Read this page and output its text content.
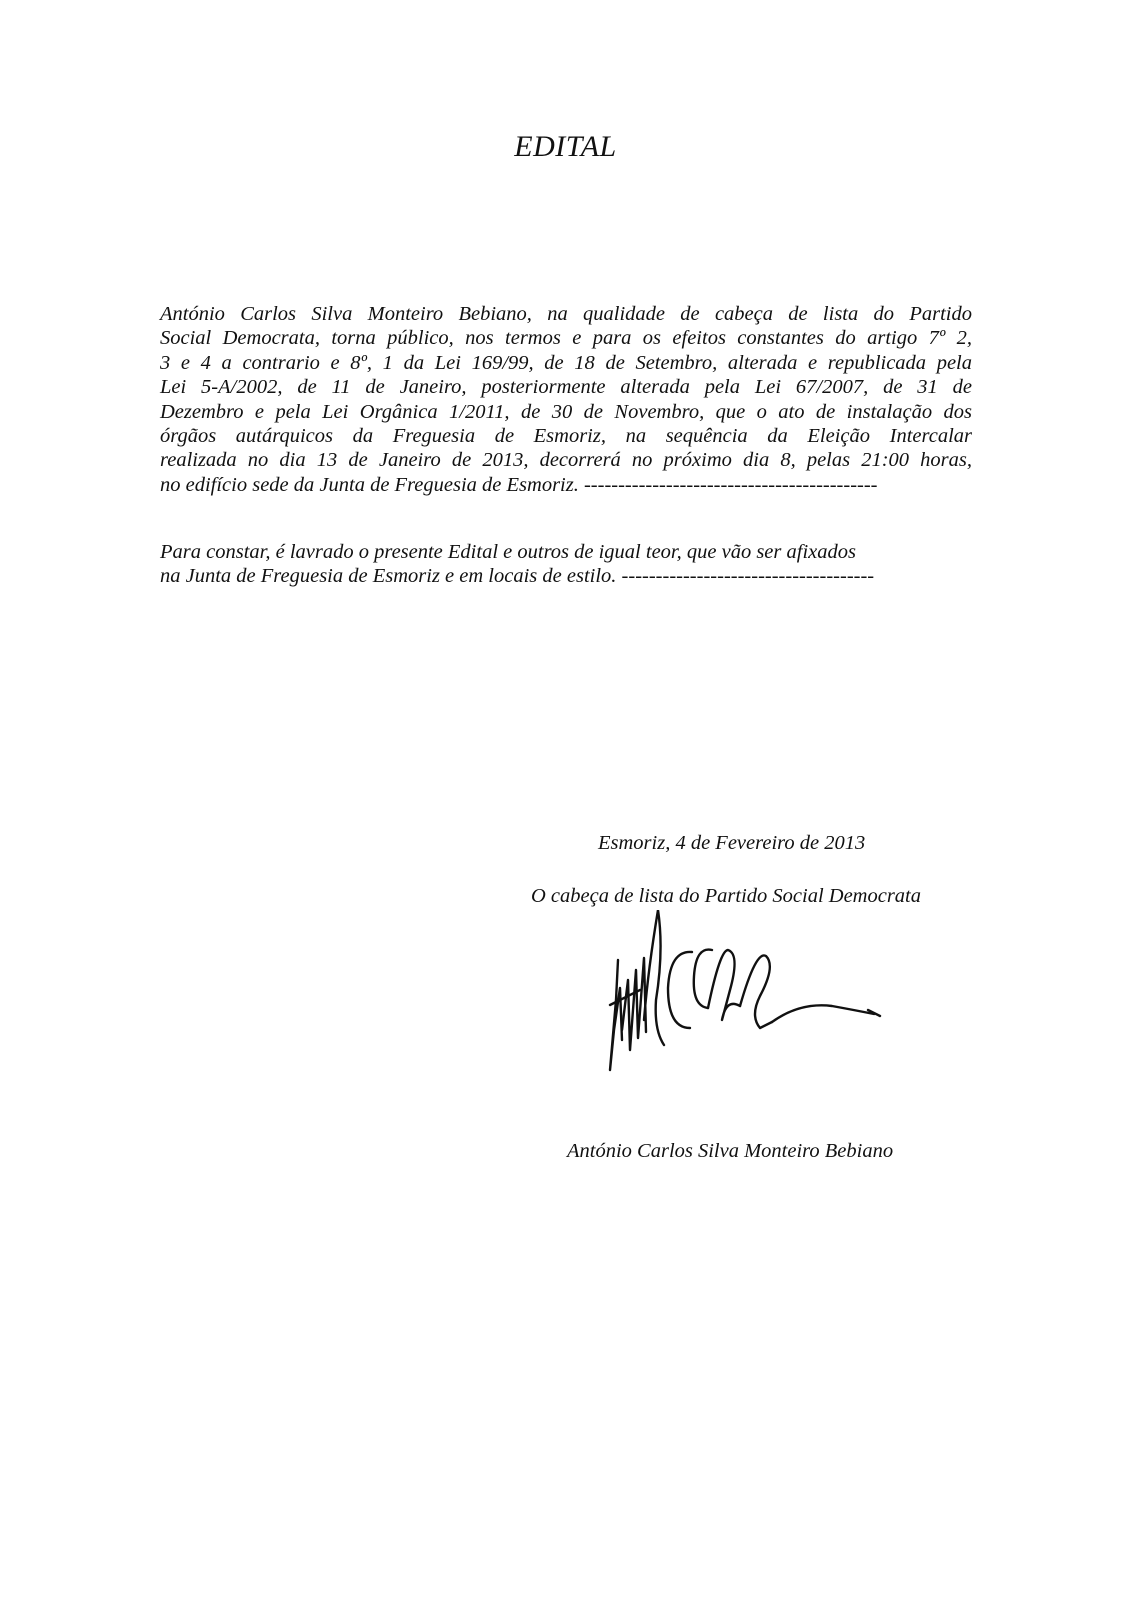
EDITAL
António Carlos Silva Monteiro Bebiano, na qualidade de cabeça de lista do Partido
Social Democrata, torna público, nos termos e para os efeitos constantes do artigo 7º 2,
3 e 4 a contrario e 8º, 1 da Lei 169/99, de 18 de Setembro, alterada e republicada pela
Lei 5-A/2002, de 11 de Janeiro, posteriormente alterada pela Lei 67/2007, de 31 de
Dezembro e pela Lei Orgânica 1/2011, de 30 de Novembro, que o ato de instalação dos
órgãos autárquicos da Freguesia de Esmoriz, na sequência da Eleição Intercalar
realizada no dia 13 de Janeiro de 2013, decorrerá no próximo dia 8, pelas 21:00 horas,
no edifício sede da Junta de Freguesia de Esmoriz. -------------------------------------------
Para constar, é lavrado o presente Edital e outros de igual teor, que vão ser afixados
na Junta de Freguesia de Esmoriz e em locais de estilo. -------------------------------------

Esmoriz, 4 de Fevereiro de 2013

O cabeça de lista do Partido Social Democrata

António Carlos Silva Monteiro Bebiano
